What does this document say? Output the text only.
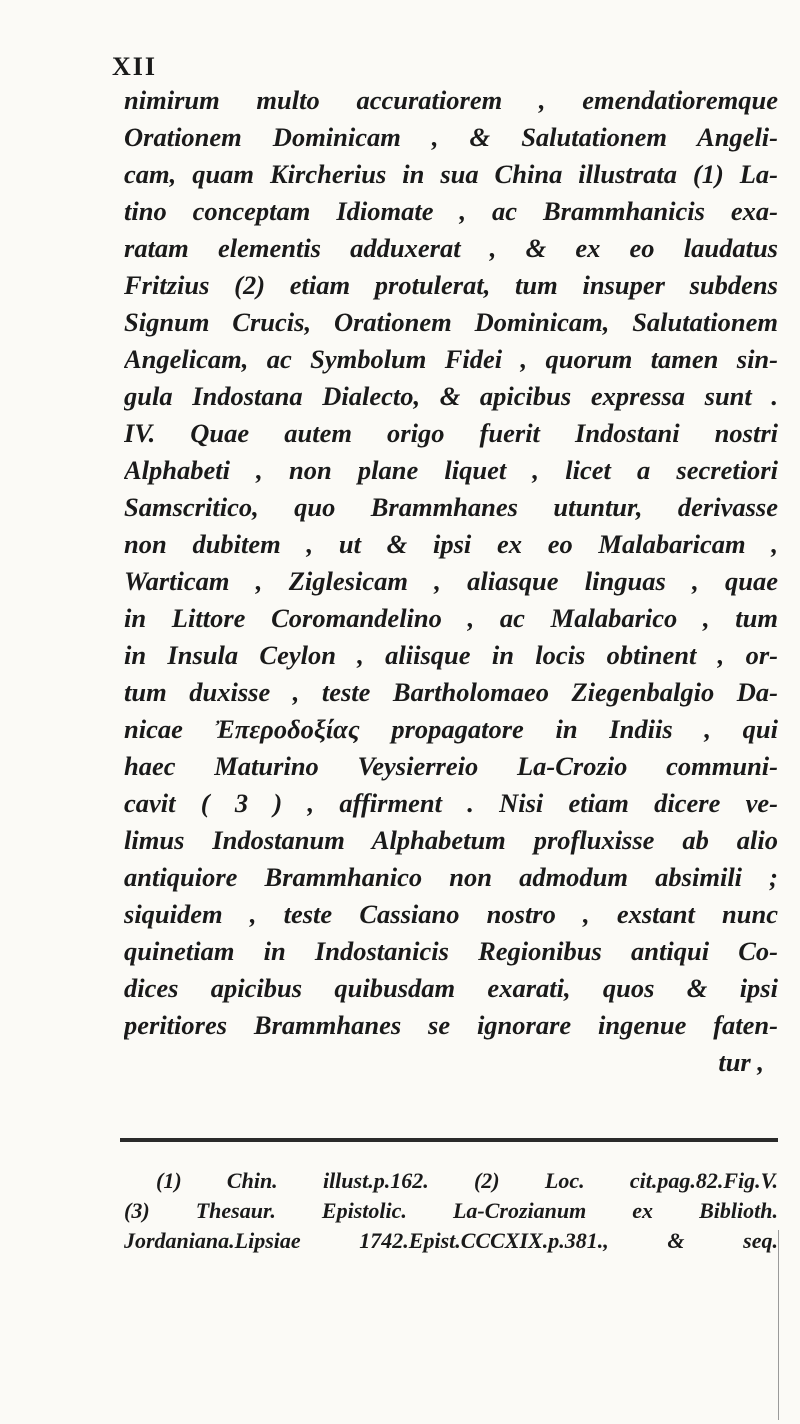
XII
nimirum multo accuratiorem , emendatioremque
Orationem Dominicam , & Salutationem Angeli-
cam, quam Kircherius in sua China illustrata (1) La-
tino conceptam Idiomate , ac Brammhanicis exa-
ratam elementis adduxerat , & ex eo laudatus
Fritzius (2) etiam protulerat, tum insuper subdens
Signum Crucis, Orationem Dominicam, Salutationem
Angelicam, ac Symbolum Fidei , quorum tamen sin-
gula Indostana Dialecto, & apicibus expressa sunt .
IV. Quae autem origo fuerit Indostani nostri
Alphabeti , non plane liquet , licet a secretiori
Samscritico, quo Brammhanes utuntur, derivasse
non dubitem , ut & ipsi ex eo Malabaricam ,
Warticam , Ziglesicam , aliasque linguas , quae
in Littore Coromandelino , ac Malabarico , tum
in Insula Ceylon , aliisque in locis obtinent , or-
tum duxisse , teste Bartholomaeo Ziegenbalgio Da-
nicae Ἐπεροδοξίας propagatore in Indiis , qui
haec Maturino Veysierreio La-Crozio communi-
cavit ( 3 ) , affirment . Nisi etiam dicere ve-
limus Indostanum Alphabetum profluxisse ab alio
antiquiore Brammhanico non admodum absimili ;
siquidem , teste Cassiano nostro , exstant nunc
quinetiam in Indostanicis Regionibus antiqui Co-
dices apicibus quibusdam exarati, quos & ipsi
peritiores Brammhanes se ignorare ingenue faten-
tur ,
(1) Chin. illust.p.162. (2) Loc. cit.pag.82.Fig.V.
(3) Thesaur. Epistolic. La-Crozianum ex Biblioth.
Jordaniana.Lipsiae 1742.Epist.CCCXIX.p.381., & seq.
